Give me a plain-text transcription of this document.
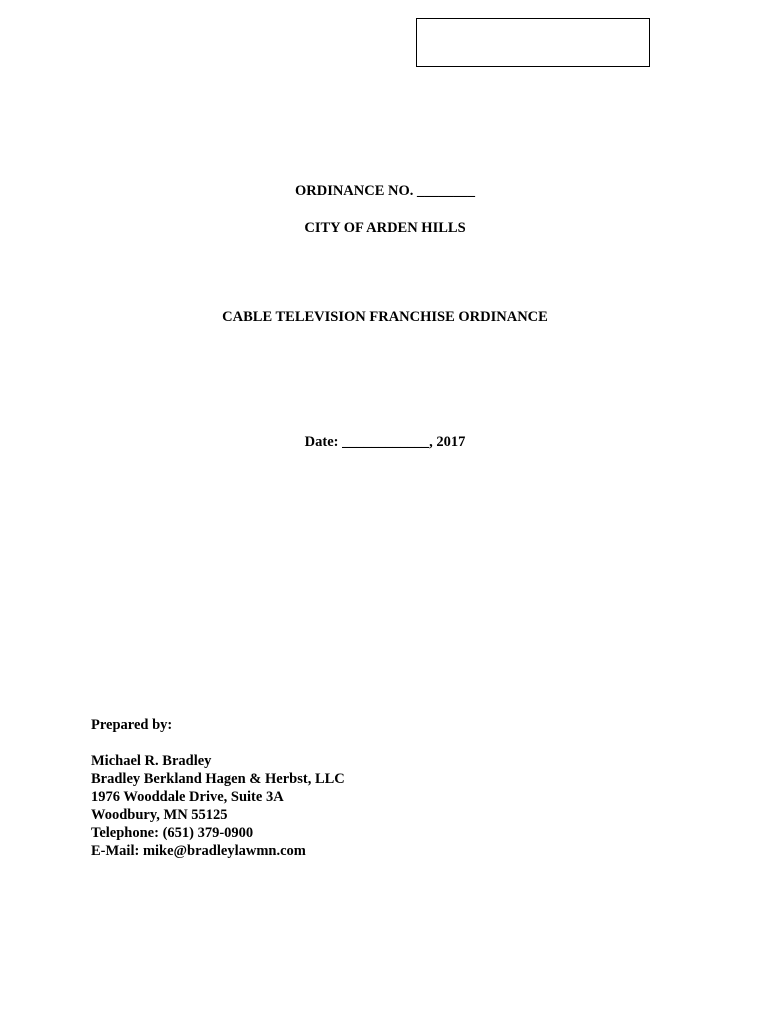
ORDINANCE NO. ________
CITY OF ARDEN HILLS
CABLE TELEVISION FRANCHISE ORDINANCE
Date: ____________, 2017
Prepared by:
Michael R. Bradley
Bradley Berkland Hagen & Herbst, LLC
1976 Wooddale Drive, Suite 3A
Woodbury, MN 55125
Telephone: (651) 379-0900
E-Mail: mike@bradleylawmn.com
